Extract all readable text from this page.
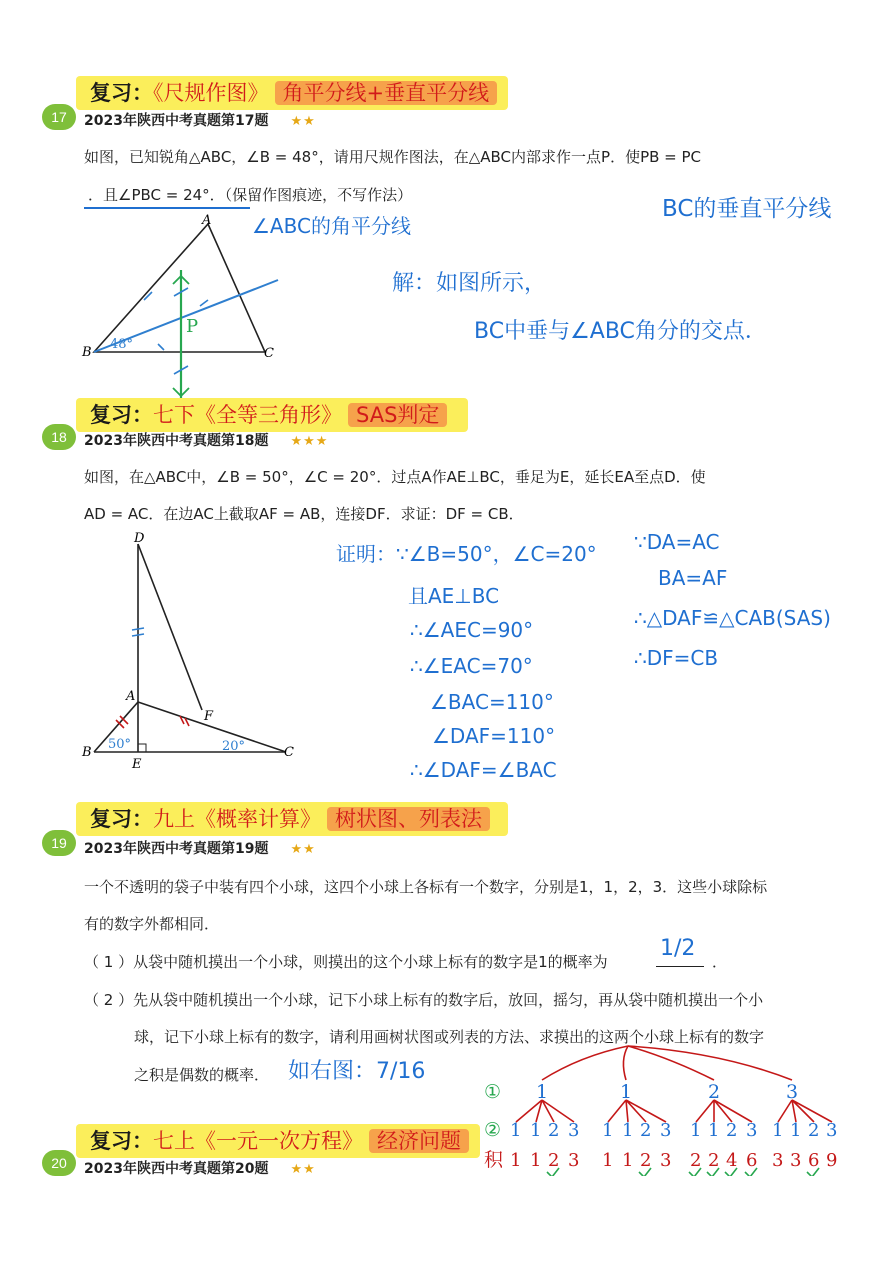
复习：《尺规作图》 角平分线+垂直平分线
17	2023年陕西中考真题第17题 ★★
如图，已知锐角△ABC，∠B = 48°，请用尺规作图法，在△ABC内部求作一点P．使PB = PC
．且∠PBC = 24°．（保留作图痕迹，不写作法）
BC的垂直平分线
∠ABC的角平分线
解：如图所示，
BC中垂与∠ABC角分的交点．
A
B	C
P
48°
复习：七下《全等三角形》 SAS判定
18	2023年陕西中考真题第18题 ★★★
如图，在△ABC中，∠B = 50°，∠C = 20°．过点A作AE⊥BC，垂足为E，延长EA至点D．使
AD = AC．在边AC上截取AF = AB，连接DF．求证：DF = CB．
D
A
F
B
E
C
50°	20°
证明：∵∠B=50°，∠C=20°
且AE⊥BC
∴∠AEC=90°
∴∠EAC=70°
∠BAC=110°
∠DAF=110°
∴∠DAF=∠BAC
∵DA=AC
BA=AF
∴△DAF≌△CAB(SAS)
∴DF=CB
复习：九上《概率计算》 树状图、列表法
19	2023年陕西中考真题第19题 ★★
一个不透明的袋子中装有四个小球，这四个小球上各标有一个数字，分别是1，1，2，3．这些小球除标
有的数字外都相同．
（ 1 ）从袋中随机摸出一个小球，则摸出的这个小球上标有的数字是1的概率为
1/2
．
（ 2 ）先从袋中随机摸出一个小球，记下小球上标有的数字后，放回，摇匀，再从袋中随机摸出一个小
球，记下小球上标有的数字，请利用画树状图或列表的方法、求摸出的这两个小球上标有的数字
之积是偶数的概率． 如右图：7/16
①
②
积
1	1	2	3
1 1 2 3 1 1 2 3 1 1 2 3 1 1 2 3
1 1 2 3 1 1 2 3 2 2 4 6 3 3 6 9
复习：七上《一元一次方程》 经济问题
20	2023年陕西中考真题第20题 ★★
